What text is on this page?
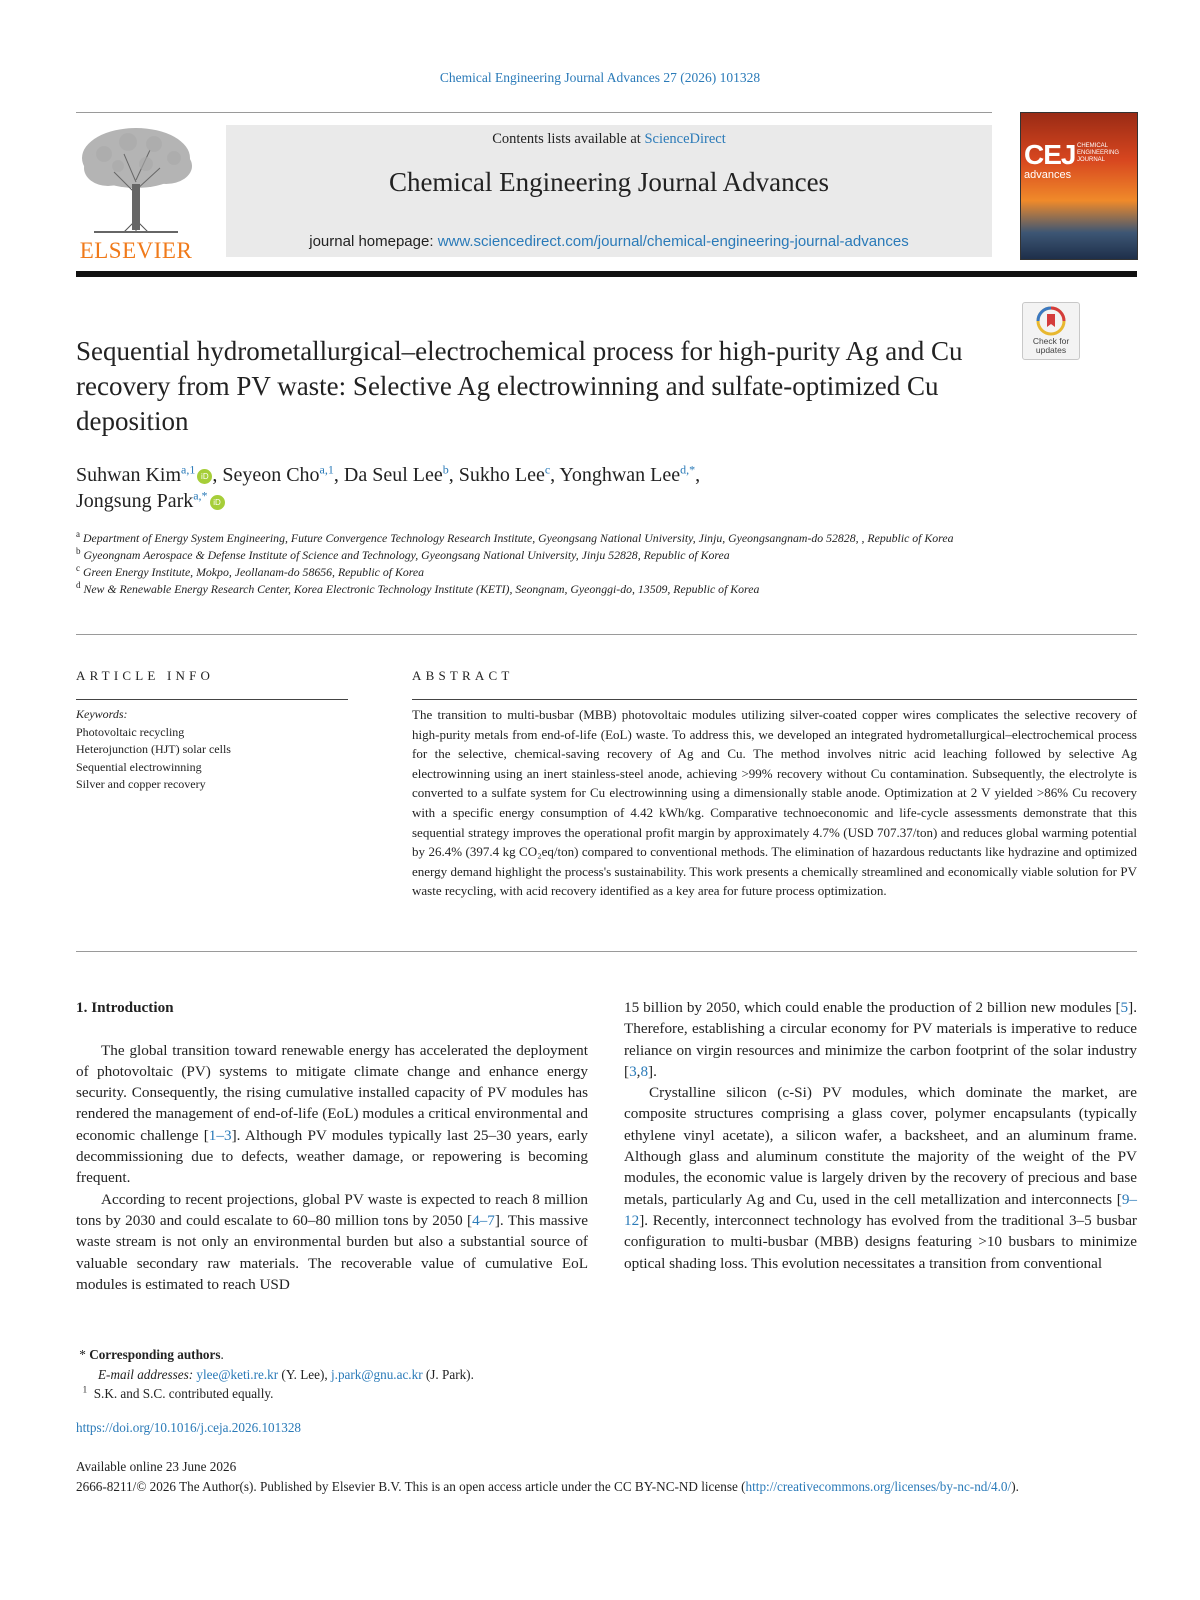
Chemical Engineering Journal Advances 27 (2026) 101328
ELSEVIER
Contents lists available at ScienceDirect
Chemical Engineering Journal Advances
journal homepage: www.sciencedirect.com/journal/chemical-engineering-journal-advances
CEJ CHEMICAL ENGINEERING JOURNAL
advances
Check for updates
Sequential hydrometallurgical–electrochemical process for high-purity Ag and Cu recovery from PV waste: Selective Ag electrowinning and sulfate-optimized Cu deposition
Suhwan Kim$^{a,1}$iD , Seyeon Cho$^{a,1}$, Da Seul Lee$^b$, Sukho Lee$^c$, Yonghwan Lee$^{d,*}$,
Jongsung Park$^{a,*}$iD
$^a$ Department of Energy System Engineering, Future Convergence Technology Research Institute, Gyeongsang National University, Jinju, Gyeongsangnam-do 52828, , Republic of Korea
$^b$ Gyeongnam Aerospace & Defense Institute of Science and Technology, Gyeongsang National University, Jinju 52828, Republic of Korea
$^c$ Green Energy Institute, Mokpo, Jeollanam-do 58656, Republic of Korea
$^d$ New & Renewable Energy Research Center, Korea Electronic Technology Institute (KETI), Seongnam, Gyeonggi-do, 13509, Republic of Korea
ARTICLE INFO	ABSTRACT
Keywords:
Photovoltaic recycling
Heterojunction (HJT) solar cells
Sequential electrowinning
Silver and copper recovery
The transition to multi-busbar (MBB) photovoltaic modules utilizing silver-coated copper wires complicates the selective recovery of high-purity metals from end-of-life (EoL) waste. To address this, we developed an integrated hydrometallurgical–electrochemical process for the selective, chemical-saving recovery of Ag and Cu. The method involves nitric acid leaching followed by selective Ag electrowinning using an inert stainless-steel anode, achieving >99% recovery without Cu contamination. Subsequently, the electrolyte is converted to a sulfate system for Cu electrowinning using a dimensionally stable anode. Optimization at 2 V yielded >86% Cu recovery with a specific energy consumption of 4.42 kWh/kg. Comparative technoeconomic and life-cycle assessments demonstrate that this sequential strategy improves the operational profit margin by approximately 4.7% (USD 707.37/ton) and reduces global warming potential by 26.4% (397.4 kg CO₂eq/ton) compared to conventional methods. The elimination of hazardous reductants like hydrazine and optimized energy demand highlight the process's sustainability. This work presents a chemically streamlined and economically viable solution for PV waste recycling, with acid recovery identified as a key area for future process optimization.
1. Introduction

The global transition toward renewable energy has accelerated the deployment of photovoltaic (PV) systems to mitigate climate change and enhance energy security. Consequently, the rising cumulative installed capacity of PV modules has rendered the management of end-of-life (EoL) modules a critical environmental and economic challenge [1–3]. Although PV modules typically last 25–30 years, early decommissioning due to defects, weather damage, or repowering is becoming frequent.

According to recent projections, global PV waste is expected to reach 8 million tons by 2030 and could escalate to 60–80 million tons by 2050 [4–7]. This massive waste stream is not only an environmental burden but also a substantial source of valuable secondary raw materials. The recoverable value of cumulative EoL modules is estimated to reach USD

15 billion by 2050, which could enable the production of 2 billion new modules [5]. Therefore, establishing a circular economy for PV materials is imperative to reduce reliance on virgin resources and minimize the carbon footprint of the solar industry [3,8].

Crystalline silicon (c-Si) PV modules, which dominate the market, are composite structures comprising a glass cover, polymer encapsulants (typically ethylene vinyl acetate), a silicon wafer, a backsheet, and an aluminum frame. Although glass and aluminum constitute the majority of the weight of the PV modules, the economic value is largely driven by the recovery of precious and base metals, particularly Ag and Cu, used in the cell metallization and interconnects [9–12]. Recently, interconnect technology has evolved from the traditional 3–5 busbar configuration to multi-busbar (MBB) designs featuring >10 busbars to minimize optical shading loss. This evolution necessitates a transition from conventional

* Corresponding authors.
E-mail addresses: ylee@keti.re.kr (Y. Lee), j.park@gnu.ac.kr (J. Park).
$^1$ S.K. and S.C. contributed equally.
https://doi.org/10.1016/j.ceja.2026.101328
Available online 23 June 2026
2666-8211/© 2026 The Author(s). Published by Elsevier B.V. This is an open access article under the CC BY-NC-ND license (http://creativecommons.org/licenses/by-nc-nd/4.0/).
